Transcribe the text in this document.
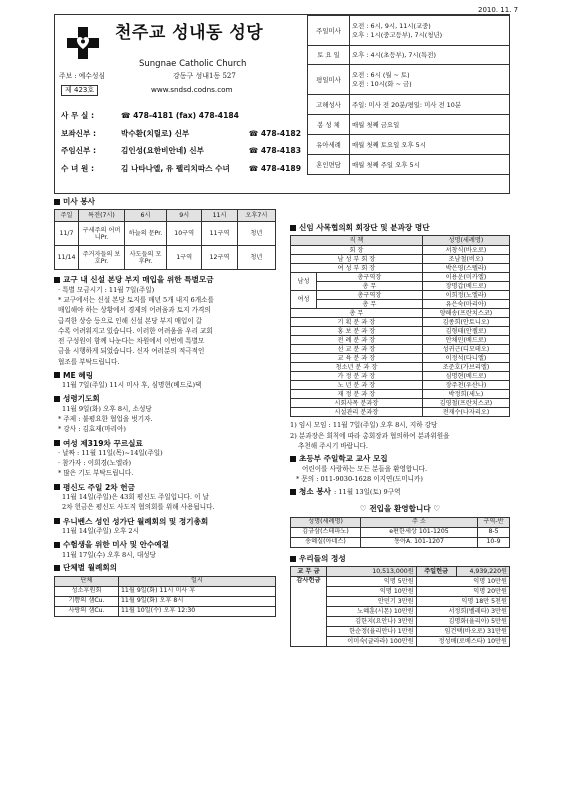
2010. 11. 7
천주교 성내동 성당
Sungnae Catholic Church
주보 : 예수성심
제 423호
강동구 성내1동 527
www.sndsd.codns.com
사 무 실 :	☎ 478-4181 (fax) 478-4184
보좌신부 :	박수환(치릴로) 신부	☎ 478-4182
주임신부 :	김인성(요한비안네) 신부	☎ 478-4183
수 녀 원 :	김 나타나엘, 유 펠리치따스 수녀	☎ 478-4189
주일미사	오전 : 6시, 9시, 11시(교중)
오후 : 1시(중고등부), 7시(청년)
토 요 일	오후 : 4시(초등부), 7시(특전)
평일미사	오전 : 6시 (월 ~ 토)
오전 : 10시(화 ~ 금)
고해성사	주일: 미사 전 20분/평일: 미사 전 10분
봉 성 체	매월 첫째 금요일
유아세례	매월 첫째 토요일 오후 5시
혼인면담	매월 첫째 주일 오후 5시
미사 봉사
주일	특전(7시)	6시	9시	11시	오후7시
11/7	구세주의 어머니Pr.	하늘의 문Pr.	10구역	11구역	청년
11/14	주거자들의 보호Pr.	사도들의 모후Pr.	1구역	12구역	청년
교구 내 신설 본당 부지 매입을 위한 특별모금
· 특별 모금시기 : 11월 7일(주일)
* 교구에서는 신설 본당 토지를 매년 5개 내지 6개소를
매입해야 하는 상황에서 경제의 어려움과 토지 가격의
급격한 상승 등으로 인해 신설 본당 부지 매입이 갈
수록 어려워지고 있습니다. 이러한 어려움을 우리 교회
전 구성원이 함께 나눈다는 차원에서 이번에 특별모
금을 시행하게 되었습니다. 신자 여러분의 적극적인
협조를 부탁드립니다.
ME 혜링
11월 7일(주일) 11시 미사 후, 심명현(베드로)댁
성령기도회
11월 9일(화) 오후 8시, 소성당
* 주제 : 불평요한 협업을 벗기자.
* 강사 : 김효재(마리아)
여성 제319차 꾸르실료
· 날짜 : 11월 11일(목)~14일(주일)
· 참가자 : 이희경(노엘라)
* 많은 기도 부탁드립니다.
평신도 주일 2차 헌금
11월 14일(주일)은 43회 평신도 주일입니다. 이 날
2차 헌금은 평신도 사도직 협의회를 위해 사용됩니다.
우니벤스 성인 성가단 월례회의 및 정기총회
11월 14일(주일) 오후 2시
수험생을 위한 미사 및 안수예절
11월 17일(수) 오후 8시, 대성당
단체별 월례회의
단체	일시
성소후원회	11월 9일(화) 11시 미사 후
기쁨의 샘Cu.	11월 9일(화) 오후 8시
사랑의 샘Cu.	11월 10일(수) 오후 12:30
신임 사목협의회 회장단 및 분과장 명단
직 책		성명(세례명)
회 장		서창식(바오로)
남 성 부 회 장		조남철(비오)
여 성 부 회 장		박은영(스텔라)
남성	총구역장	이용운(미카엘)
	총 무	장명갑(베드로)
여성	총구역장	이희정(노엘라)
	총 무	유은숙(마리아)
총 무		양해송(프란치스코)
기 획 분 과 장		김종희(안토니오)
홍 보 분 과 장		김형태(안젤로)
전 례 분 과 장		안채민(베드로)
선 교 분 과 장		성귀근(디모테오)
교 육 분 과 장		이정석(다니엘)
청소년 분 과 장		조준호(가브리엘)
가 정 분 과 장		심명현(베드로)
노 년 분 과 장		장주천(우산나)
재 정 분 과 장		박정희(세노)
시회사목 분과장		김영철(프란치스코)
시설관리 분과장		전재수(나자리오)
1) 임시 모임 : 11월 7일(주일) 오후 8시, 지하 강당
2) 분과장은 회칙에 따라 총회장과 협의하여 분과위원을
추천해 주시기 바랍니다.
초등부 주일학교 교사 모집
어린이를 사랑하는 모든 분들을 환영합니다.
* 문의 : 011-9030-1628 이지연(도미니카)
청소 봉사 : 11월 13일(토) 9구역
♡ 전입을 환영합니다 ♡
성명(세례명)	주 소	구역-반
김규삼(스테파노)	e편한세상 101-1205	8-5
송혜실(아네스)	동아A. 101-1207	10-9
우리들의 정성
교 무 금	10,513,000원	주일헌금	4,939,220원
감사헌금	익명 5만원	익명 10만원	
	익명 10만원	익명 20만원	
	안민기 3만원	익명 18만 5천원	
	노혜훈(시몬) 10만원	서정희(벨레타) 3만원	
	김한지(요안나) 3만원	김명화(율리아) 5만원	
	한순정(율리안나) 1만원	임건택(바오로) 31만원	
	이미숙(글라라) 100만원	정성배(로베스타) 10만원	
